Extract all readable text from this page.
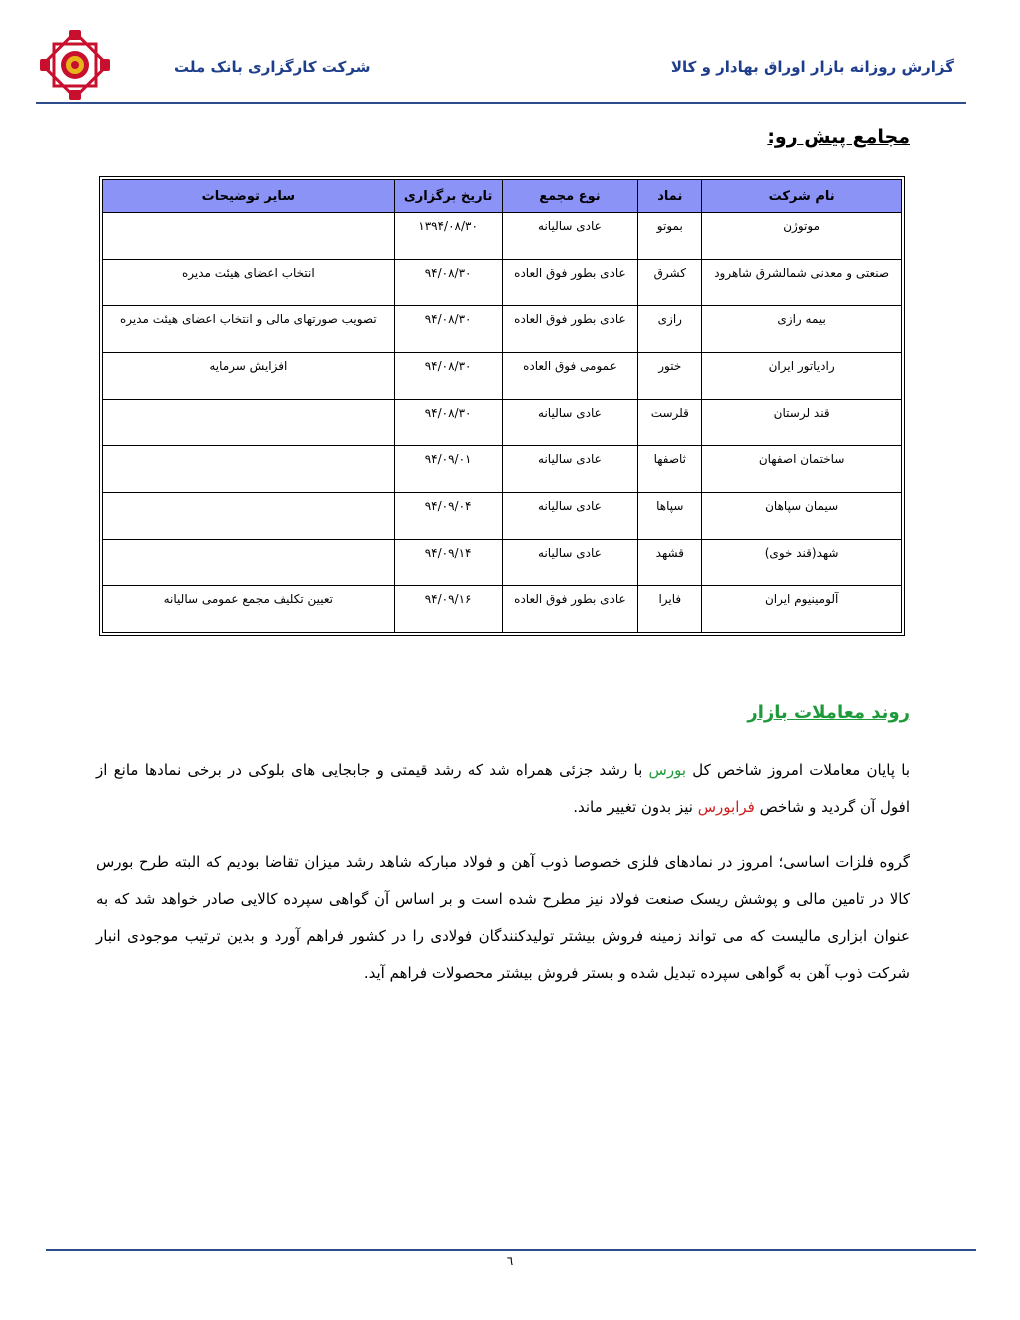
شرکت کارگزاری بانک ملت	گزارش روزانه بازار اوراق بهادار و کالا
مجامع پیش رو:
نام شرکت	نماد	نوع مجمع	تاریخ برگزاری	سایر توضیحات
موتوژن	بموتو	عادی سالیانه	۱۳۹۴/۰۸/۳۰	
صنعتی و معدنی شمالشرق شاهرود	کشرق	عادی بطور فوق العاده	۹۴/۰۸/۳۰	انتخاب اعضای هیئت مدیره
بیمه رازی	رازی	عادی بطور فوق العاده	۹۴/۰۸/۳۰	تصویب صورتهای مالی و انتخاب اعضای هیئت مدیره
رادیاتور ایران	ختور	عمومی فوق العاده	۹۴/۰۸/۳۰	افزایش سرمایه
قند لرستان	قلرست	عادی سالیانه	۹۴/۰۸/۳۰	
ساختمان اصفهان	ثاصفها	عادی سالیانه	۹۴/۰۹/۰۱	
سیمان سپاهان	سپاها	عادی سالیانه	۹۴/۰۹/۰۴	
شهد(قند خوی)	قشهد	عادی سالیانه	۹۴/۰۹/۱۴	
آلومینیوم ایران	فایرا	عادی بطور فوق العاده	۹۴/۰۹/۱۶	تعیین تکلیف مجمع عمومی سالیانه
روند معاملات بازار
با پایان معاملات امروز شاخص کل بورس با رشد جزئی همراه شد که رشد قیمتی و جابجایی های بلوکی در برخی نمادها مانع از افول آن گردید و شاخص فرابورس نیز بدون تغییر ماند.
گروه فلزات اساسی؛ امروز در نمادهای فلزی خصوصا ذوب آهن و فولاد مبارکه شاهد رشد میزان تقاضا بودیم که البته طرح بورس کالا در تامین مالی و پوشش ریسک صنعت فولاد نیز مطرح شده است و بر اساس آن گواهی سپرده کالایی صادر خواهد شد که به عنوان ابزاری مالیست که می تواند زمینه فروش بیشتر تولیدکنندگان فولادی را در کشور فراهم آورد و بدین ترتیب موجودی انبار شرکت ذوب آهن به گواهی سپرده تبدیل شده و بستر فروش بیشتر محصولات فراهم آید.
٦
